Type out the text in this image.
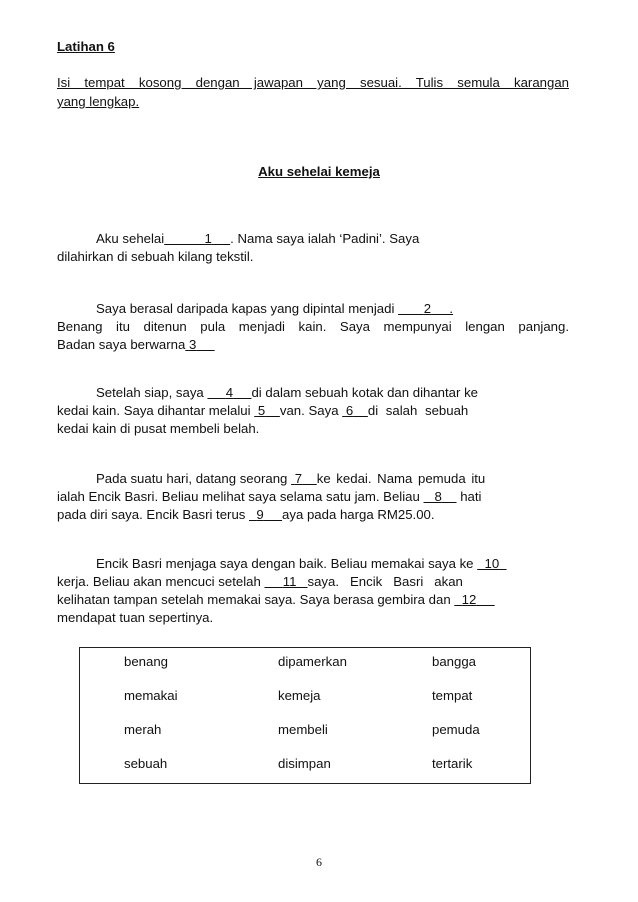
Latihan 6
Isi tempat kosong dengan jawapan yang sesuai. Tulis semula karangan
yang lengkap.
Aku sehelai kemeja
Aku sehelai	1 . Nama saya ialah ‘Padini’. Saya
dilahirkan di sebuah kilang tekstil.
Saya berasal daripada kapas yang dipintal menjadi 2     .
Benang itu ditenun pula menjadi kain. Saya mempunyai lengan panjang.
Badan saya berwarna 3
Setelah siap, saya 4 di dalam sebuah kotak dan dihantar ke
kedai kain. Saya dihantar melalui 5 van. Saya 6 di salah sebuah
kedai kain di pusat membeli belah.
Pada suatu hari, datang seorang 7 ke kedai. Nama pemuda itu
ialah Encik Basri. Beliau melihat saya selama satu jam. Beliau 8 hati
pada diri saya. Encik Basri terus 9 aya pada harga RM25.00.
Encik Basri menjaga saya dengan baik. Beliau memakai saya ke 10
kerja. Beliau akan mencuci setelah 11 saya.   Encik   Basri   akan
kelihatan tampan setelah memakai saya. Saya berasa gembira dan 12
mendapat tuan sepertinya.
benang	dipamerkan	bangga
memakai	kemeja	tempat
merah	membeli	pemuda
sebuah	disimpan	tertarik
6
